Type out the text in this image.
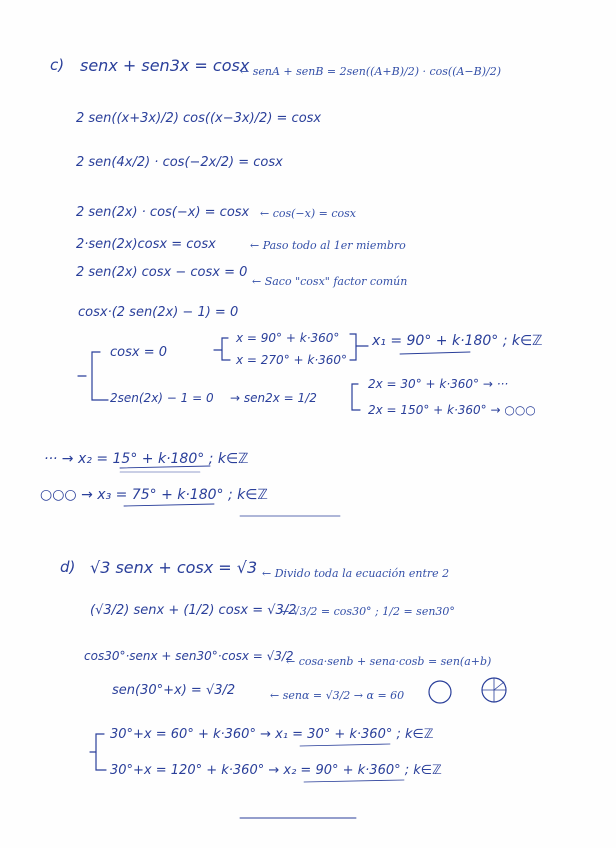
c) senx + sen3x = cosx
← senA + senB = 2sen((A+B)/2) · cos((A−B)/2)
2 sen((x+3x)/2) cos((x−3x)/2) = cosx
2 sen(4x/2) · cos(−2x/2) = cosx
2 sen(2x) · cos(−x) = cosx ← cos(−x) = cosx
2·sen(2x)cosx = cosx	← Paso todo al 1er miembro
2 sen(2x) cosx − cosx = 0
← Saco "cosx" factor común
cosx·(2 sen(2x) − 1) = 0
cosx = 0
x = 90° + k·360°
x = 270° + k·360°
x₁ = 90° + k·180° ; k∈ℤ
2sen(2x) − 1 = 0 → sen2x = 1/2
2x = 30° + k·360° → ···
2x = 150° + k·360° → ○○○
··· → x₂ = 15° + k·180° ; k∈ℤ
○○○ → x₃ = 75° + k·180° ; k∈ℤ
d) √3 senx + cosx = √3 ← Divido toda la ecuación entre 2
(√3/2) senx + (1/2) cosx = √3/2
← √3/2 = cos30° ; 1/2 = sen30°
cos30°·senx + sen30°·cosx = √3/2
← cosa·senb + sena·cosb = sen(a+b)
sen(30°+x) = √3/2	← senα = √3/2 → α = 60
30°+x = 60° + k·360° → x₁ = 30° + k·360° ; k∈ℤ
30°+x = 120° + k·360° → x₂ = 90° + k·360° ; k∈ℤ
